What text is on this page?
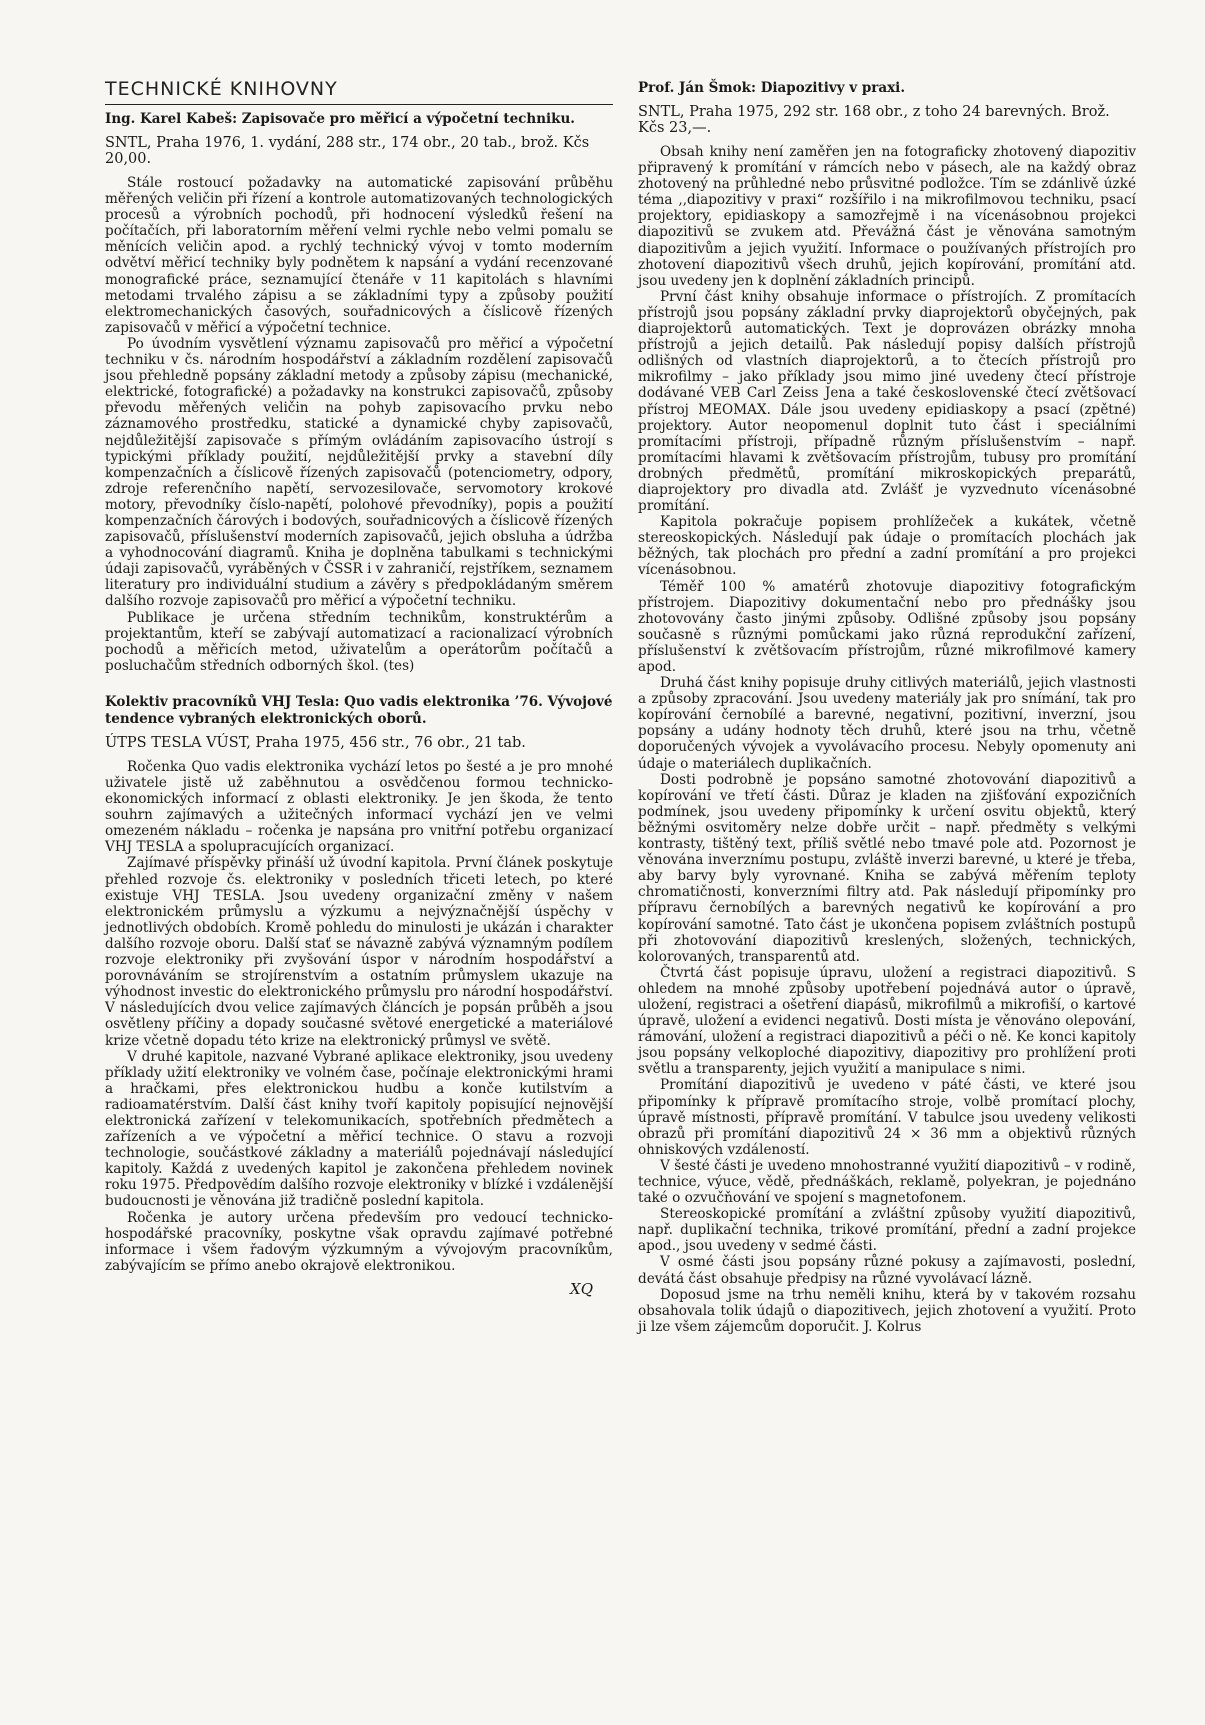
TECHNICKÉ KNIHOVNY
Ing. Karel Kabeš: Zapisovače pro měřicí a výpočetní techniku.
SNTL, Praha 1976, 1. vydání, 288 str., 174 obr., 20 tab., brož. Kčs 20,00.

Stále rostoucí požadavky na automatické zapisování průběhu měřených veličin při řízení a kontrole automatizovaných technologických procesů a výrobních pochodů, při hodnocení výsledků řešení na počítačích, při laboratorním měření velmi rychle nebo velmi pomalu se měnících veličin apod. a rychlý technický vývoj v tomto moderním odvětví měřicí techniky byly podnětem k napsání a vydání recenzované monografické práce, seznamující čtenáře v 11 kapitolách s hlavními metodami trvalého zápisu a se základními typy a způsoby použití elektromechanických časových, souřadnicových a číslicově řízených zapisovačů v měřicí a výpočetní technice.

Po úvodním vysvětlení významu zapisovačů pro měřicí a výpočetní techniku v čs. národním hospodářství a základním rozdělení zapisovačů jsou přehledně popsány základní metody a způsoby zápisu (mechanické, elektrické, fotografické) a požadavky na konstrukci zapisovačů, způsoby převodu měřených veličin na pohyb zapisovacího prvku nebo záznamového prostředku, statické a dynamické chyby zapisovačů, nejdůležitější zapisovače s přímým ovládáním zapisovacího ústrojí s typickými příklady použití, nejdůležitější prvky a stavební díly kompenzačních a číslicově řízených zapisovačů (potenciometry, odpory, zdroje referenčního napětí, servozesilovače, servomotory krokové motory, převodníky číslo-napětí, polohové převodníky), popis a použití kompenzačních čárových i bodových, souřadnicových a číslicově řízených zapisovačů, příslušenství moderních zapisovačů, jejich obsluha a údržba a vyhodnocování diagramů. Kniha je doplněna tabulkami s technickými údaji zapisovačů, vyráběných v ČSSR i v zahraničí, rejstříkem, seznamem literatury pro individuální studium a závěry s předpokládaným směrem dalšího rozvoje zapisovačů pro měřicí a výpočetní techniku.

Publikace je určena středním technikům, konstruktérům a projektantům, kteří se zabývají automatizací a racionalizací výrobních pochodů a měřicích metod, uživatelům a operátorům počítačů a posluchačům středních odborných škol. (tes)

Kolektiv pracovníků VHJ Tesla: Quo vadis elektronika ’76. Vývojové tendence vybraných elektronických oborů.
ÚTPS TESLA VÚST, Praha 1975, 456 str., 76 obr., 21 tab.

Ročenka Quo vadis elektronika vychází letos po šesté a je pro mnohé uživatele jistě už zaběhnutou a osvědčenou formou technicko-ekonomických informací z oblasti elektroniky. Je jen škoda, že tento souhrn zajímavých a užitečných informací vychází jen ve velmi omezeném nákladu – ročenka je napsána pro vnitřní potřebu organizací VHJ TESLA a spolupracujících organizací.

Zajímavé příspěvky přináší už úvodní kapitola. První článek poskytuje přehled rozvoje čs. elektroniky v posledních třiceti letech, po které existuje VHJ TESLA. Jsou uvedeny organizační změny v našem elektronickém průmyslu a výzkumu a nejvýznačnější úspěchy v jednotlivých obdobích. Kromě pohledu do minulosti je ukázán i charakter dalšího rozvoje oboru. Další stať se návazně zabývá významným podílem rozvoje elektroniky při zvyšování úspor v národním hospodářství a porovnáváním se strojírenstvím a ostatním průmyslem ukazuje na výhodnost investic do elektronického průmyslu pro národní hospodářství. V následujících dvou velice zajímavých článcích je popsán průběh a jsou osvětleny příčiny a dopady současné světové energetické a materiálové krize včetně dopadu této krize na elektronický průmysl ve světě.

V druhé kapitole, nazvané Vybrané aplikace elektroniky, jsou uvedeny příklady užití elektroniky ve volném čase, počínaje elektronickými hrami a hračkami, přes elektronickou hudbu a konče kutilstvím a radioamatérstvím. Další část knihy tvoří kapitoly popisující nejnovější elektronická zařízení v telekomunikacích, spotřebních předmětech a zařízeních a ve výpočetní a měřicí technice. O stavu a rozvoji technologie, součástkové základny a materiálů pojednávají následující kapitoly. Každá z uvedených kapitol je zakončena přehledem novinek roku 1975. Předpovědím dalšího rozvoje elektroniky v blízké i vzdálenější budoucnosti je věnována již tradičně poslední kapitola.

Ročenka je autory určena především pro vedoucí technicko-hospodářské pracovníky, poskytne však opravdu zajímavé potřebné informace i všem řadovým výzkumným a vývojovým pracovníkům, zabývajícím se přímo anebo okrajově elektronikou.

XQ
Prof. Ján Šmok: Diapozitivy v praxi.
SNTL, Praha 1975, 292 str. 168 obr., z toho 24 barevných. Brož. Kčs 23,—.

Obsah knihy není zaměřen jen na fotograficky zhotovený diapozitiv připravený k promítání v rámcích nebo v pásech, ale na každý obraz zhotovený na průhledné nebo průsvitné podložce. Tím se zdánlivě úzké téma ,,diapozitivy v praxi“ rozšířilo i na mikrofilmovou techniku, psací projektory, epidiaskopy a samozřejmě i na vícenásobnou projekci diapozitivů se zvukem atd. Převážná část je věnována samotným diapozitivům a jejich využití. Informace o používaných přístrojích pro zhotovení diapozitivů všech druhů, jejich kopírování, promítání atd. jsou uvedeny jen k doplnění základních principů.

První část knihy obsahuje informace o přístrojích. Z promítacích přístrojů jsou popsány základní prvky diaprojektorů obyčejných, pak diaprojektorů automatických. Text je doprovázen obrázky mnoha přístrojů a jejich detailů. Pak následují popisy dalších přístrojů odlišných od vlastních diaprojektorů, a to čtecích přístrojů pro mikrofilmy – jako příklady jsou mimo jiné uvedeny čtecí přístroje dodávané VEB Carl Zeiss Jena a také československé čtecí zvětšovací přístroj MEOMAX. Dále jsou uvedeny epidiaskopy a psací (zpětné) projektory. Autor neopomenul doplnit tuto část i speciálními promítacími přístroji, případně různým příslušenstvím – např. promítacími hlavami k zvětšovacím přístrojům, tubusy pro promítání drobných předmětů, promítání mikroskopických preparátů, diaprojektory pro divadla atd. Zvlášť je vyzvednuto vícenásobné promítání.

Kapitola pokračuje popisem prohlížeček a kukátek, včetně stereoskopických. Následují pak údaje o promítacích plochách jak běžných, tak plochách pro přední a zadní promítání a pro projekci vícenásobnou.

Téměř 100 % amatérů zhotovuje diapozitivy fotografickým přístrojem. Diapozitivy dokumentační nebo pro přednášky jsou zhotovovány často jinými způsoby. Odlišné způsoby jsou popsány současně s různými pomůckami jako různá reprodukční zařízení, příslušenství k zvětšovacím přístrojům, různé mikrofilmové kamery apod.

Druhá část knihy popisuje druhy citlivých materiálů, jejich vlastnosti a způsoby zpracování. Jsou uvedeny materiály jak pro snímání, tak pro kopírování černobílé a barevné, negativní, pozitivní, inverzní, jsou popsány a udány hodnoty těch druhů, které jsou na trhu, včetně doporučených vývojek a vyvolávacího procesu. Nebyly opomenuty ani údaje o materiálech duplikačních.

Dosti podrobně je popsáno samotné zhotovování diapozitivů a kopírování ve třetí části. Důraz je kladen na zjišťování expozičních podmínek, jsou uvedeny připomínky k určení osvitu objektů, který běžnými osvitoměry nelze dobře určit – např. předměty s velkými kontrasty, tištěný text, příliš světlé nebo tmavé pole atd. Pozornost je věnována inverznímu postupu, zvláště inverzi barevné, u které je třeba, aby barvy byly vyrovnané. Kniha se zabývá měřením teploty chromatičnosti, konverzními filtry atd. Pak následují připomínky pro přípravu černobílých a barevných negativů ke kopírování a pro kopírování samotné. Tato část je ukončena popisem zvláštních postupů při zhotovování diapozitivů kreslených, složených, technických, kolorovaných, transparentů atd.

Čtvrtá část popisuje úpravu, uložení a registraci diapozitivů. S ohledem na mnohé způsoby upotřebení pojednává autor o úpravě, uložení, registraci a ošetření diapásů, mikrofilmů a mikrofiší, o kartové úpravě, uložení a evidenci negativů. Dosti místa je věnováno olepování, rámování, uložení a registraci diapozitivů a péči o ně. Ke konci kapitoly jsou popsány velkoploché diapozitivy, diapozitivy pro prohlížení proti světlu a transparenty, jejich využití a manipulace s nimi.

Promítání diapozitivů je uvedeno v páté části, ve které jsou připomínky k přípravě promítacího stroje, volbě promítací plochy, úpravě místnosti, přípravě promítání. V tabulce jsou uvedeny velikosti obrazů při promítání diapozitivů 24 × 36 mm a objektivů různých ohniskových vzdáleností.

V šesté části je uvedeno mnohostranné využití diapozitivů – v rodině, technice, výuce, vědě, přednáškách, reklamě, polyekran, je pojednáno také o ozvučňování ve spojení s magnetofonem.

Stereoskopické promítání a zvláštní způsoby využití diapozitivů, např. duplikační technika, trikové promítání, přední a zadní projekce apod., jsou uvedeny v sedmé části.

V osmé části jsou popsány různé pokusy a zajímavosti, poslední, devátá část obsahuje předpisy na různé vyvolávací lázně.

Doposud jsme na trhu neměli knihu, která by v takovém rozsahu obsahovala tolik údajů o diapozitivech, jejich zhotovení a využití. Proto ji lze všem zájemcům doporučit. J. Kolrus
